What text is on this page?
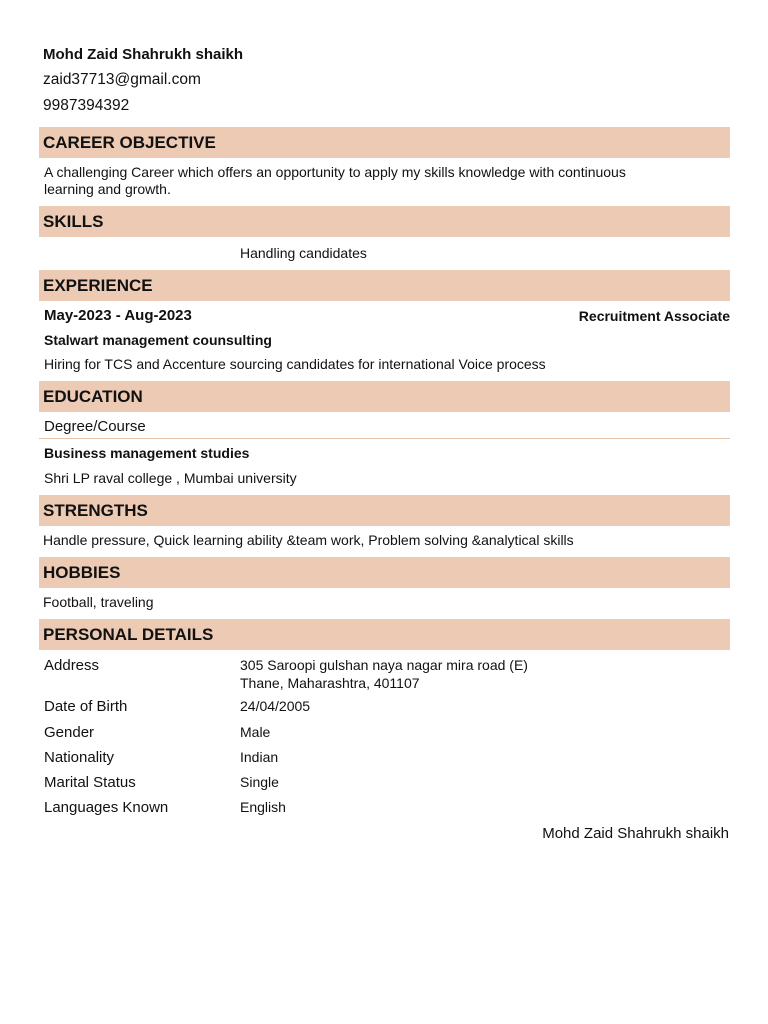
Mohd Zaid Shahrukh shaikh
zaid37713@gmail.com
9987394392
CAREER OBJECTIVE
A challenging Career which offers an opportunity to apply my skills knowledge with continuous
learning and growth.
SKILLS
Handling candidates
EXPERIENCE
May-2023 - Aug-2023	Recruitment Associate
Stalwart management counsulting
Hiring for TCS and Accenture sourcing candidates for international Voice process
EDUCATION
Degree/Course
Business management studies
Shri LP raval college , Mumbai university
STRENGTHS
Handle pressure, Quick learning ability &team work, Problem solving &analytical skills
HOBBIES
Football, traveling
PERSONAL DETAILS
Address	305 Saroopi gulshan naya nagar mira road (E)
Thane, Maharashtra, 401107
Date of Birth	24/04/2005
Gender	Male
Nationality	Indian
Marital Status	Single
Languages Known	English
Mohd Zaid Shahrukh shaikh
